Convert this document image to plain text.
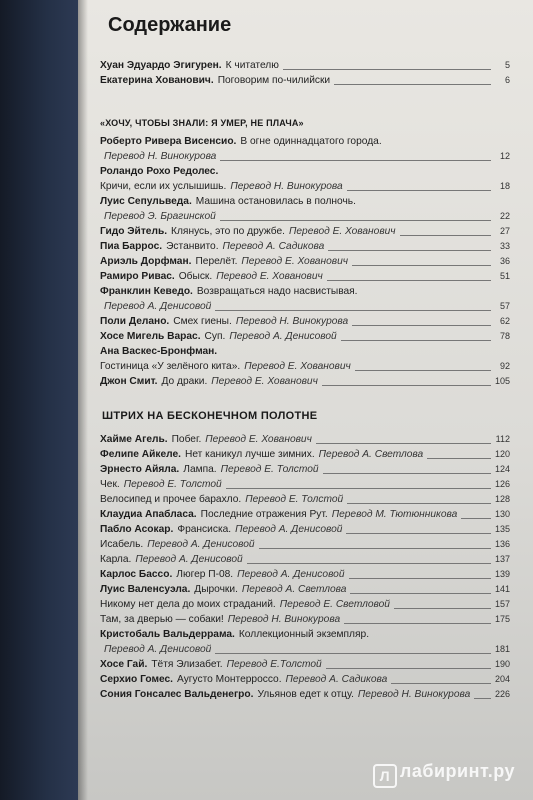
Содержание
Хуан Эдуардо Эгигурен. К читателю	5
Екатерина Хованович. Поговорим по-чилийски	6
«ХОЧУ, ЧТОБЫ ЗНАЛИ: Я УМЕР, НЕ ПЛАЧА»
Роберто Ривера Висенсио. В огне одиннадцатого города.
Перевод Н. Винокурова	12
Роландо Рохо Редолес.
Кричи, если их услышишь. Перевод Н. Винокурова	18
Луис Сепульведа. Машина остановилась в полночь.
Перевод Э. Брагинской	22
Гидо Эйтель. Клянусь, это по дружбе. Перевод Е. Хованович	27
Пиа Баррос. Эстанвито. Перевод А. Садикова	33
Ариэль Дорфман. Перелёт. Перевод Е. Хованович	36
Рамиро Ривас. Обыск. Перевод Е. Хованович	51
Франклин Кеведо. Возвращаться надо насвистывая.
Перевод А. Денисовой	57
Поли Делано. Смех гиены. Перевод Н. Винокурова	62
Хосе Мигель Варас. Суп. Перевод А. Денисовой	78
Ана Васкес-Бронфман.
Гостиница «У зелёного кита». Перевод Е. Хованович	92
Джон Смит. До драки. Перевод Е. Хованович	105
ШТРИХ НА БЕСКОНЕЧНОМ ПОЛОТНЕ
Хайме Агель. Побег. Перевод Е. Хованович	112
Фелипе Айкеле. Нет каникул лучше зимних. Перевод А. Светлова	120
Эрнесто Айяла. Лампа. Перевод Е. Толстой	124
Чек. Перевод Е. Толстой	126
Велосипед и прочее барахло. Перевод Е. Толстой	128
Клаудиа Апабласа. Последние отражения Рут. Перевод М. Тютюнникова	130
Пабло Асокар. Франсиска. Перевод А. Денисовой	135
Исабель. Перевод А. Денисовой	136
Карла. Перевод А. Денисовой	137
Карлос Бассо. Люгер П-08. Перевод А. Денисовой	139
Луис Валенсуэла. Дырочки. Перевод А. Светлова	141
Никому нет дела до моих страданий. Перевод Е. Светловой	157
Там, за дверью — собаки! Перевод Н. Винокурова	175
Кристобаль Вальдеррама. Коллекционный экземпляр.
Перевод А. Денисовой	181
Хосе Гай. Тётя Элизабет. Перевод Е.Толстой	190
Серхио Гомес. Аугусто Монтерроссо. Перевод А. Садикова	204
Сония Гонсалес Вальденегро. Ульянов едет к отцу. Перевод Н. Винокурова	226
Л лабиринт.ру
